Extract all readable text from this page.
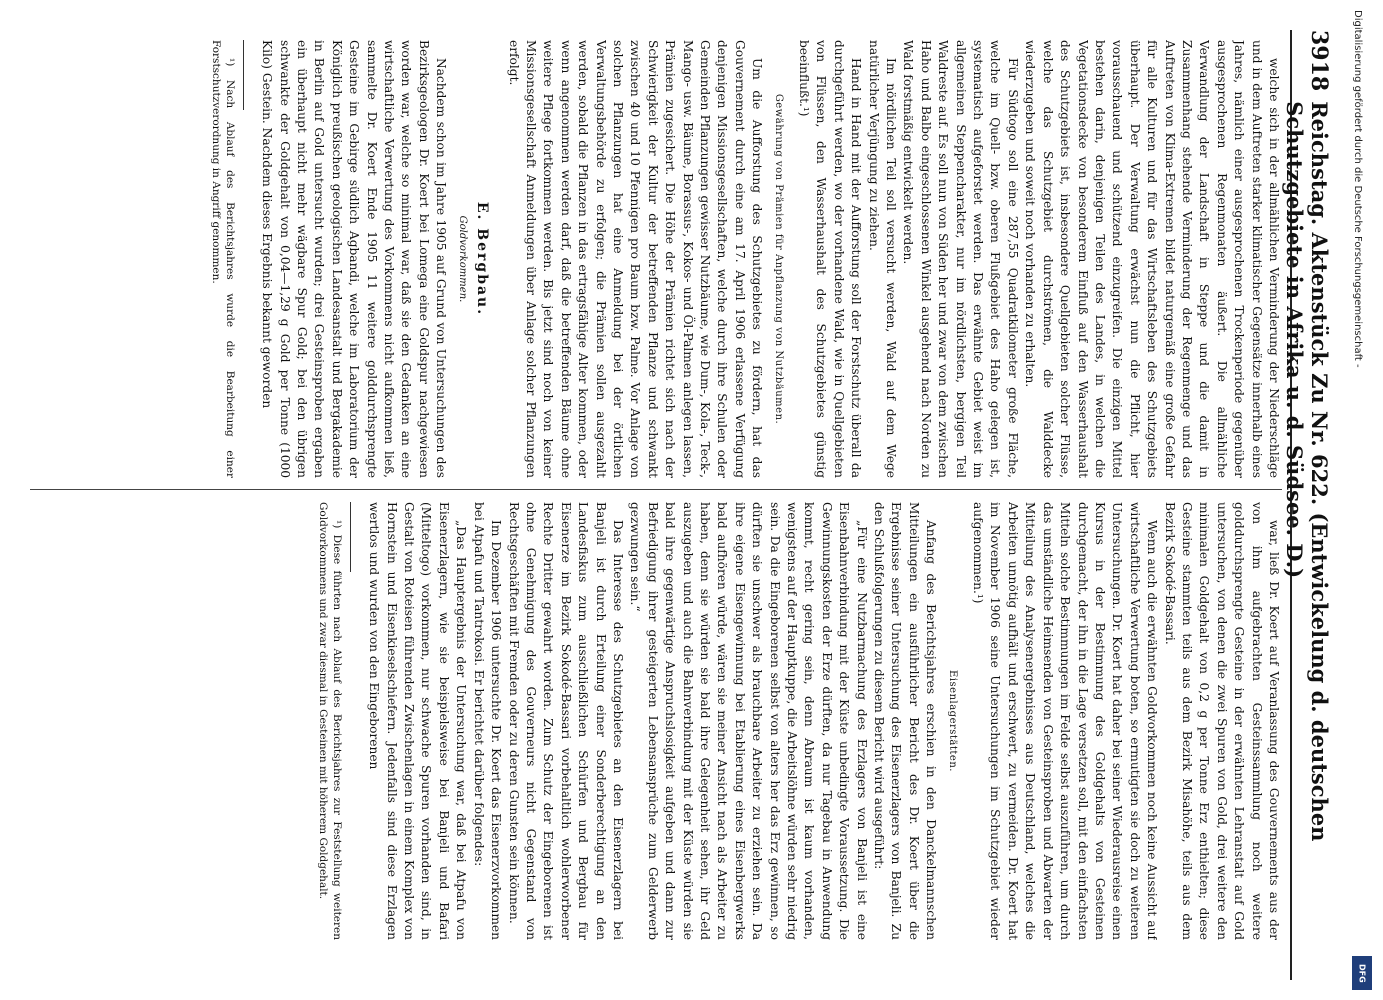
3918
Reichstag. Aktenstück Zu Nr. 622. (Entwickelung d. deutschen Schutzgebiete in Afrika u. d. Südsee. D.)

welche sich in der allmählichen Verminderung der Niederschläge und in dem Auftreten starker klimatischer Gegensätze innerhalb eines Jahres, nämlich einer ausgesprochenen Trockenperiode gegenüber ausgesprochenen Regenmonaten äußert. Die allmähliche Verwandlung der Landschaft in Steppe und die damit in Zusammenhang stehende Verminderung der Regenmenge und das Auftreten von Klima-Extremen bildet naturgemäß eine große Gefahr für alle Kulturen und für das Wirtschaftsleben des Schutzgebiets überhaupt. Der Verwaltung erwächst nun die Pflicht, hier vorausschauend und schützend einzugreifen. Die einzigen Mittel bestehen darin, denjenigen Teilen des Landes, in welchen die Vegetationsdecke von besonderem Einfluß auf den Wasserhaushalt des Schutzgebiets ist, insbesondere Quellgebieten solcher Flüsse, welche das Schutzgebiet durchströmen, die Walddecke wiederzugeben und soweit noch vorhanden zu erhalten.

Für Südtogo soll eine 287,55 Quadratkilometer große Fläche, welche im Quell- bzw. oberen Flußgebiet des Haho gelegen ist, systematisch aufgeforstet werden. Das erwähnte Gebiet weist im allgemeinen Steppencharakter, nur im nördlichsten, bergigen Teil Waldreste auf. Es soll nun von Süden her und zwar von dem zwischen Haho und Balbo eingeschlossenen Winkel ausgehend nach Norden zu Wald forstmäßig entwickelt werden.

Im nördlichen Teil soll versucht werden, Wald auf dem Wege natürlicher Verjüngung zu ziehen.

Hand in Hand mit der Aufforstung soll der Forstschutz überall da durchgeführt werden, wo der vorhandene Wald, wie in Quellgebieten von Flüssen, den Wasserhaushalt des Schutzgebietes günstig beeinflußt.¹)

Gewährung von Prämien für Anpflanzung von Nutzbäumen.

Um die Aufforstung des Schutzgebietes zu fördern, hat das Gouvernement durch eine am 17. April 1906 erlassene Verfügung denjenigen Missionsgesellschaften, welche durch ihre Schulen oder Gemeinden Pflanzungen gewisser Nutzbäume, wie Dum-, Kola-, Teck-, Mango- usw. Bäume, Borassus-, Kokos- und Öl-Palmen anlegen lassen, Prämien zugesichert. Die Höhe der Prämien richtet sich nach der Schwierigkeit der Kultur der betreffenden Pflanze und schwankt zwischen 40 und 10 Pfennigen pro Baum bzw. Palme. Vor Anlage von solchen Pflanzungen hat eine Anmeldung bei der örtlichen Verwaltungsbehörde zu erfolgen; die Prämien sollen ausgezahlt werden, sobald die Pflanzen in das ertragsfähige Alter kommen, oder wenn angenommen werden darf, daß die betreffenden Bäume ohne weitere Pflege fortkommen werden. Bis jetzt sind noch von keiner Missionsgesellschaft Anmeldungen über Anlage solcher Pflanzungen erfolgt.

E. Bergbau.

Goldvorkommen.

Nachdem schon im Jahre 1905 auf Grund von Untersuchungen des Bezirksgeologen Dr. Koert bei Lomega eine Goldspur nachgewiesen worden war, welche so minimal war, daß sie den Gedanken an eine wirtschaftliche Verwertung des Vorkommens nicht aufkommen ließ, sammelte Dr. Koert Ende 1905 11 weitere golddurchsprengte Gesteine im Gebirge südlich Agbandi, welche im Laboratorium der Königlich preußischen geologischen Landesanstalt und Bergakademie in Berlin auf Gold untersucht wurden; drei Gesteinsproben ergaben ein überhaupt nicht mehr wägbare Spur Gold; bei den übrigen schwankte der Goldgehalt von 0,04—1,29 g Gold per Tonne (1000 Kilo) Gestein. Nachdem dieses Ergebnis bekannt geworden

¹) Nach Ablauf des Berichtsjahres wurde die Bearbeitung einer Forstschutzverordnung in Angriff genommen.

war, ließ Dr. Koert auf Veranlassung des Gouvernements aus der von ihm aufgebrachten Gesteinssammlung noch weitere golddurchsprengte Gesteine in der erwähnten Lehranstalt auf Gold untersuchen, von denen die zwei Spuren von Gold, drei weitere den minimalen Goldgehalt von 0,2 g per Tonne Erz enthielten; diese Gesteine stammten teils aus dem Bezirk Misahöhe, teils aus dem Bezirk Sokodé-Bassari.

Wenn auch die erwähnten Goldvorkommen noch keine Aussicht auf wirtschaftliche Verwertung boten, so ermutigten sie doch zu weiteren Untersuchungen. Dr. Koert hat daher bei seiner Wiederausreise einen Kursus in der Bestimmung des Goldgehalts von Gesteinen durchgemacht, der ihn in die Lage versetzen soll, mit den einfachsten Mitteln solche Bestimmungen im Felde selbst auszuführen, um durch das umständliche Heimsenden von Gesteinsproben und Abwarten der Mitteilung des Analysenergebnisses aus Deutschland, welches die Arbeiten unnötig aufhält und erschwert, zu vermeiden. Dr. Koert hat im November 1906 seine Untersuchungen im Schutzgebiet wieder aufgenommen.¹)

Eisenlagerstätten.

Anfang des Berichtsjahres erschien in den Danckelmannschen Mitteilungen ein ausführlicher Bericht des Dr. Koert über die Ergebnisse seiner Untersuchung des Eisenerzlagers von Banjeli. Zu den Schlußfolgerungen zu diesem Bericht wird ausgeführt:

„Für eine Nutzbarmachung des Erzlagers von Banjeli ist eine Eisenbahnverbindung mit der Küste unbedingte Voraussetzung. Die Gewinnungskosten der Erze dürften, da nur Tagebau in Anwendung kommt, recht gering sein, denn Abraum ist kaum vorhanden, wenigstens auf der Hauptkuppe, die Arbeitslöhne würden sehr niedrig sein. Da die Eingeborenen selbst von alters her das Erz gewinnen, so dürften sie unschwer als brauchbare Arbeiter zu erziehen sein. Da ihre eigene Eisengewinnung bei Etablierung eines Eisenbergwerks bald aufhören würde, wären sie meiner Ansicht nach als Arbeiter zu haben, denn sie würden sie bald ihre Gelegenheit sehen, ihr Geld auszugeben und auch die Bahnverbindung mit der Küste würden sie bald ihre gegenwärtige Anspruchslosigkeit aufgeben und dann zur Befriedigung ihrer gesteigerten Lebensansprüche zum Gelderwerb gezwungen sein.“

Das Interesse des Schutzgebietes an den Eisenerzlagern bei Banjeli ist durch Erteilung einer Sonderberechtigung an den Landesfiskus zum ausschließlichen Schürfen und Bergbau für Eisenerze im Bezirk Sokodé-Bassari vorbehaltlich wohlerworbener Rechte Dritter gewahrt worden. Zum Schutz der Eingeborenen ist ohne Genehmigung des Gouverneurs nicht Gegenstand von Rechtsgeschäften mit Fremden oder zu deren Gunsten sein können.

Im Dezember 1906 untersuchte Dr. Koert das Eisenerzvorkommen bei Atpafu und Tantrokosi. Er berichtet darüber folgendes:

„Das Hauptergebnis der Untersuchung war, daß bei Atpafu von Eisenerzlagern, wie sie beispielsweise bei Banjeli und Bafari (Mitteltogo) vorkommen, nur schwache Spuren vorhanden sind, in Gestalt von Roteisen führenden Zwischenlagen in einem Komplex von Hornstein und Eisenkieselschiefern. Jedenfalls sind diese Erzlagen wertlos und wurden von den Eingeborenen

¹) Diese führten nach Ablauf des Berichtsjahres zur Feststellung weiteren Goldvorkommens und zwar diesmal in Gesteinen mit höherem Goldgehalt.

Digitalisierung gefördert durch die Deutsche Forschungsgemeinschaft -
DFG
